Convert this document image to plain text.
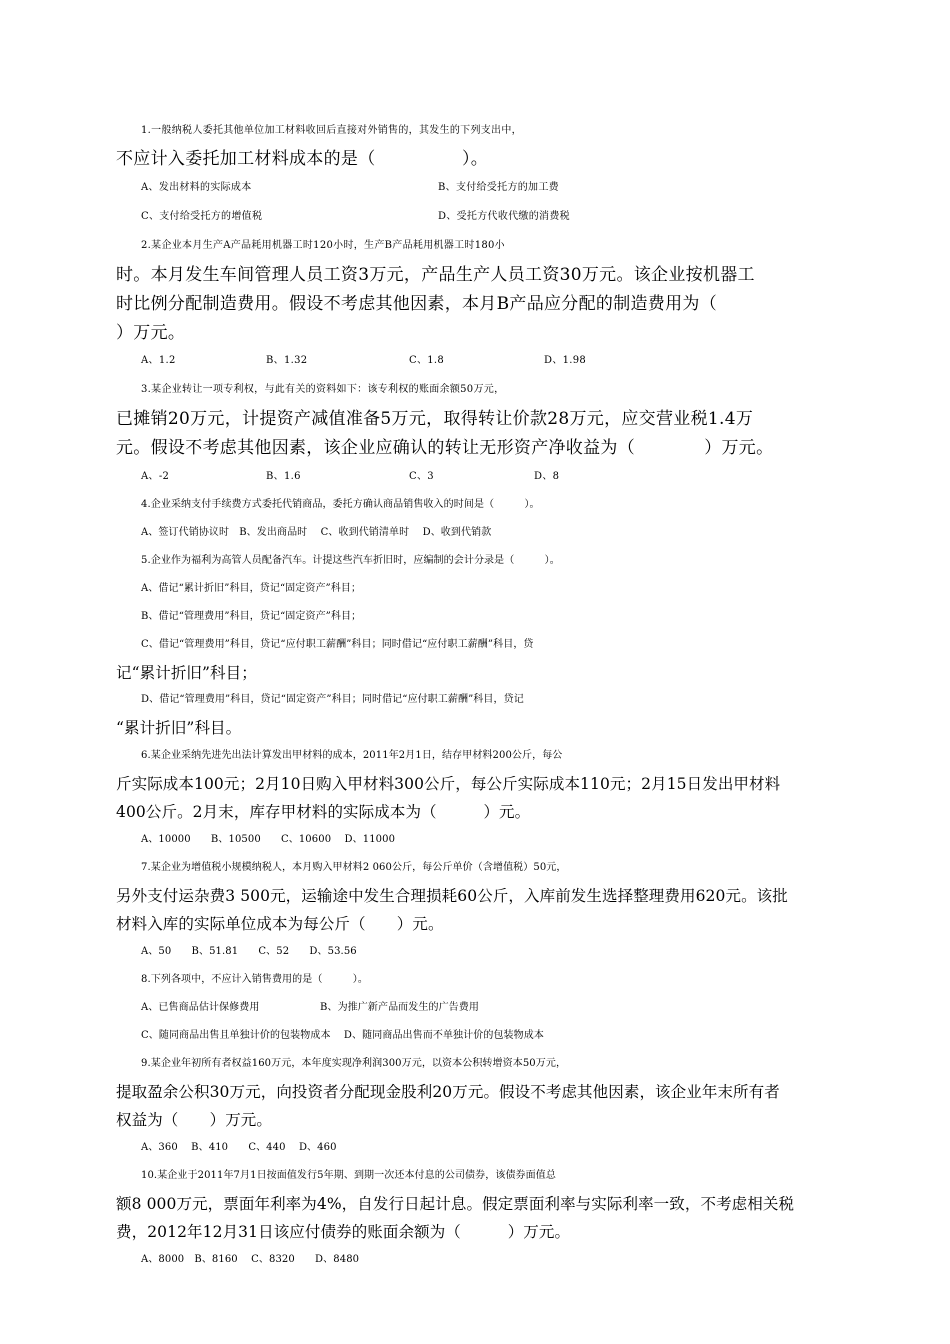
1.一般纳税人委托其他单位加工材料收回后直接对外销售的，其发生的下列支出中，
不应计入委托加工材料成本的是（　　　　　）。
A、发出材料的实际成本	B、支付给受托方的加工费
C、支付给受托方的增值税	D、受托方代收代缴的消费税
2.某企业本月生产A产品耗用机器工时120小时，生产B产品耗用机器工时180小
时。本月发生车间管理人员工资3万元，产品生产人员工资30万元。该企业按机器工
时比例分配制造费用。假设不考虑其他因素，本月B产品应分配的制造费用为（
）万元。
A、1.2	B、1.32	C、1.8	D、1.98
3.某企业转让一项专利权，与此有关的资料如下：该专利权的账面余额50万元，
已摊销20万元，计提资产减值准备5万元，取得转让价款28万元，应交营业税1.4万
元。假设不考虑其他因素，该企业应确认的转让无形资产净收益为（　　　　）万元。
A、-2	B、1.6	C、3	D、8
4.企业采纳支付手续费方式委托代销商品，委托方确认商品销售收入的时间是（　　　）。
A、签订代销协议时　B、发出商品时　 C、收到代销清单时　 D、收到代销款
5.企业作为福利为高管人员配备汽车。计提这些汽车折旧时，应编制的会计分录是（　　　）。
A、借记“累计折旧”科目，贷记“固定资产”科目；
B、借记“管理费用”科目，贷记“固定资产”科目；
C、借记“管理费用”科目，贷记“应付职工薪酬”科目；同时借记“应付职工薪酬”科目，贷
记“累计折旧”科目；
D、借记“管理费用”科目，贷记“固定资产”科目；同时借记“应付职工薪酬”科目，贷记
“累计折旧”科目。
6.某企业采纳先进先出法计算发出甲材料的成本，2011年2月1日，结存甲材料200公斤，每公
斤实际成本100元；2月10日购入甲材料300公斤，每公斤实际成本110元；2月15日发出甲材料
400公斤。2月末，库存甲材料的实际成本为（　　　）元。
A、10000　　B、10500　　C、10600　 D、11000
7.某企业为增值税小规模纳税人，本月购入甲材料2 060公斤，每公斤单价（含增值税）50元，
另外支付运杂费3 500元，运输途中发生合理损耗60公斤，入库前发生选择整理费用620元。该批
材料入库的实际单位成本为每公斤（　　）元。
A、50　　B、51.81　　C、52　　D、53.56
8.下列各项中，不应计入销售费用的是（　　　）。
A、已售商品估计保修费用　　　　　　B、为推广新产品而发生的广告费用
C、随同商品出售且单独计价的包装物成本　 D、随同商品出售而不单独计价的包装物成本
9.某企业年初所有者权益160万元，本年度实现净利润300万元，以资本公积转增资本50万元，
提取盈余公积30万元，向投资者分配现金股利20万元。假设不考虑其他因素，该企业年末所有者
权益为（　　）万元。
A、360　 B、410　　C、440　 D、460
10.某企业于2011年7月1日按面值发行5年期、到期一次还本付息的公司债券，该债券面值总
额8 000万元，票面年利率为4%，自发行日起计息。假定票面利率与实际利率一致，不考虑相关税
费，2012年12月31日该应付债券的账面余额为（　　　）万元。
A、8000　B、8160　 C、8320　　D、8480
